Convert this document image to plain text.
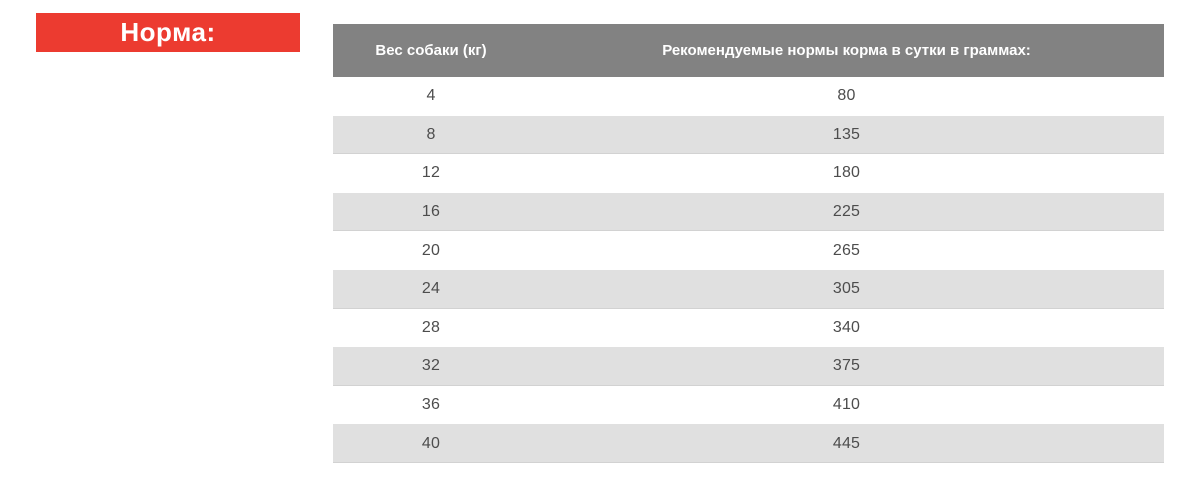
Норма:
Вес собаки (кг)	Рекомендуемые нормы корма в сутки в граммах:
4	80
8	135
12	180
16	225
20	265
24	305
28	340
32	375
36	410
40	445
